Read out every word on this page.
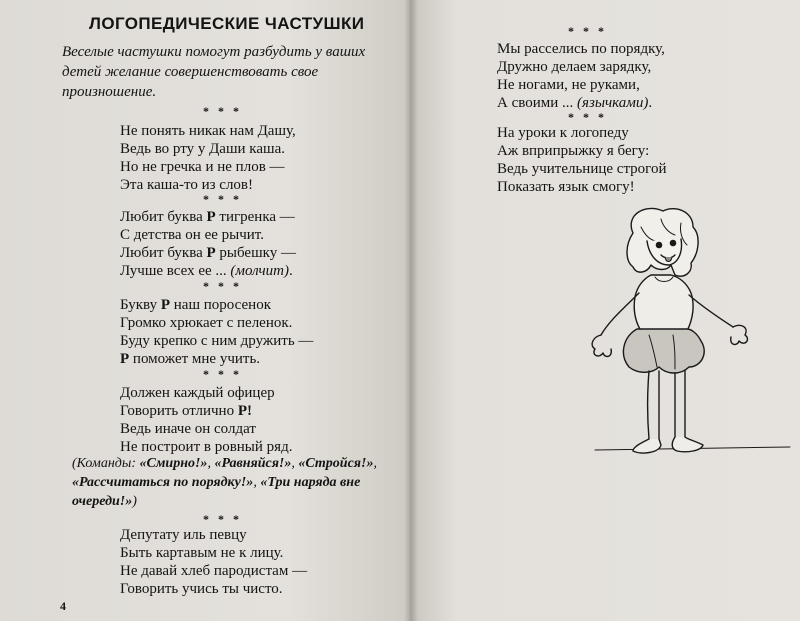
ЛОГОПЕДИЧЕСКИЕ ЧАСТУШКИ
Веселые частушки помогут разбудить у ваших детей желание совершенствовать свое произношение.
* * *
Не понять никак нам Дашу,
Ведь во рту у Даши каша.
Но не гречка и не плов —
Эта каша-то из слов!
* * *
Любит буква Р тигренка —
С детства он ее рычит.
Любит буква Р рыбешку —
Лучше всех ее ... (молчит).
* * *
Букву Р наш поросенок
Громко хрюкает с пеленок.
Буду крепко с ним дружить —
Р поможет мне учить.
* * *
Должен каждый офицер
Говорить отлично Р!
Ведь иначе он солдат
Не построит в ровный ряд.
(Команды: «Смирно!», «Равняйся!», «Стройся!», «Рассчитаться по порядку!», «Три наряда вне очереди!»)
* * *
Депутату иль певцу
Быть картавым не к лицу.
Не давай хлеб пародистам —
Говорить учись ты чисто.
4
* * *
Мы расселись по порядку,
Дружно делаем зарядку,
Не ногами, не руками,
А своими ... (язычками).
* * *
На уроки к логопеду
Аж вприпрыжку я бегу:
Ведь учительнице строгой
Показать язык смогу!
